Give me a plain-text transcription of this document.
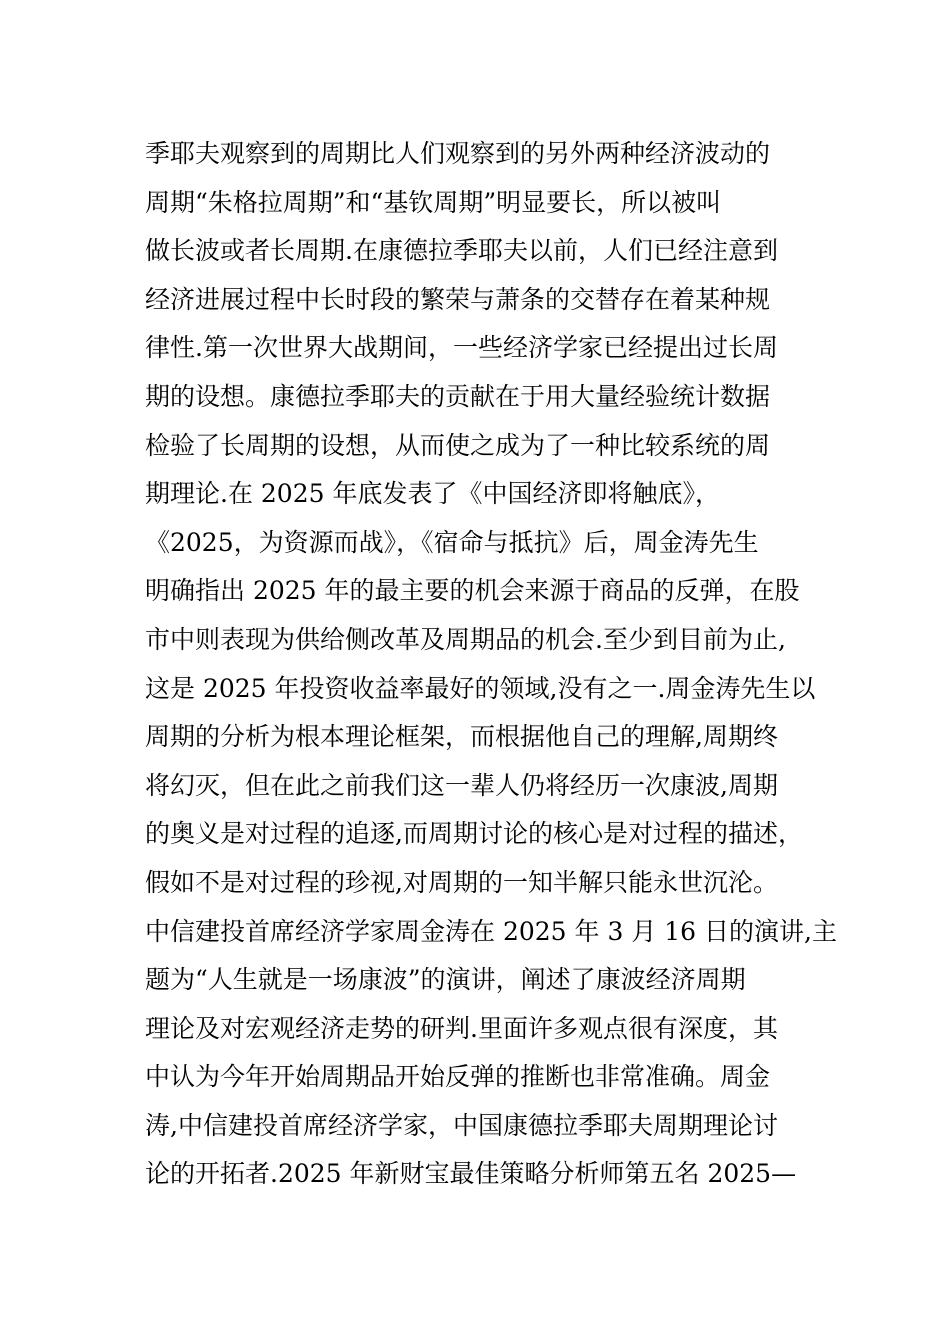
季耶夫观察到的周期比人们观察到的另外两种经济波动的
周期“朱格拉周期”和“基钦周期”明显要长，所以被叫
做长波或者长周期.在康德拉季耶夫以前，人们已经注意到
经济进展过程中长时段的繁荣与萧条的交替存在着某种规
律性.第一次世界大战期间，一些经济学家已经提出过长周
期的设想。康德拉季耶夫的贡献在于用大量经验统计数据
检验了长周期的设想，从而使之成为了一种比较系统的周
期理论.在 2025 年底发表了《中国经济即将触底》，
《2025，为资源而战》，《宿命与抵抗》后，周金涛先生
明确指出 2025 年的最主要的机会来源于商品的反弹，在股
市中则表现为供给侧改革及周期品的机会.至少到目前为止,
这是 2025 年投资收益率最好的领域,没有之一.周金涛先生以
周期的分析为根本理论框架，而根据他自己的理解,周期终
将幻灭，但在此之前我们这一辈人仍将经历一次康波,周期
的奥义是对过程的追逐,而周期讨论的核心是对过程的描述，
假如不是对过程的珍视,对周期的一知半解只能永世沉沦。
中信建投首席经济学家周金涛在 2025 年 3 月 16 日的演讲,主
题为“人生就是一场康波”的演讲，阐述了康波经济周期
理论及对宏观经济走势的研判.里面许多观点很有深度，其
中认为今年开始周期品开始反弹的推断也非常准确。周金
涛,中信建投首席经济学家，中国康德拉季耶夫周期理论讨
论的开拓者.2025 年新财宝最佳策略分析师第五名 2025—
